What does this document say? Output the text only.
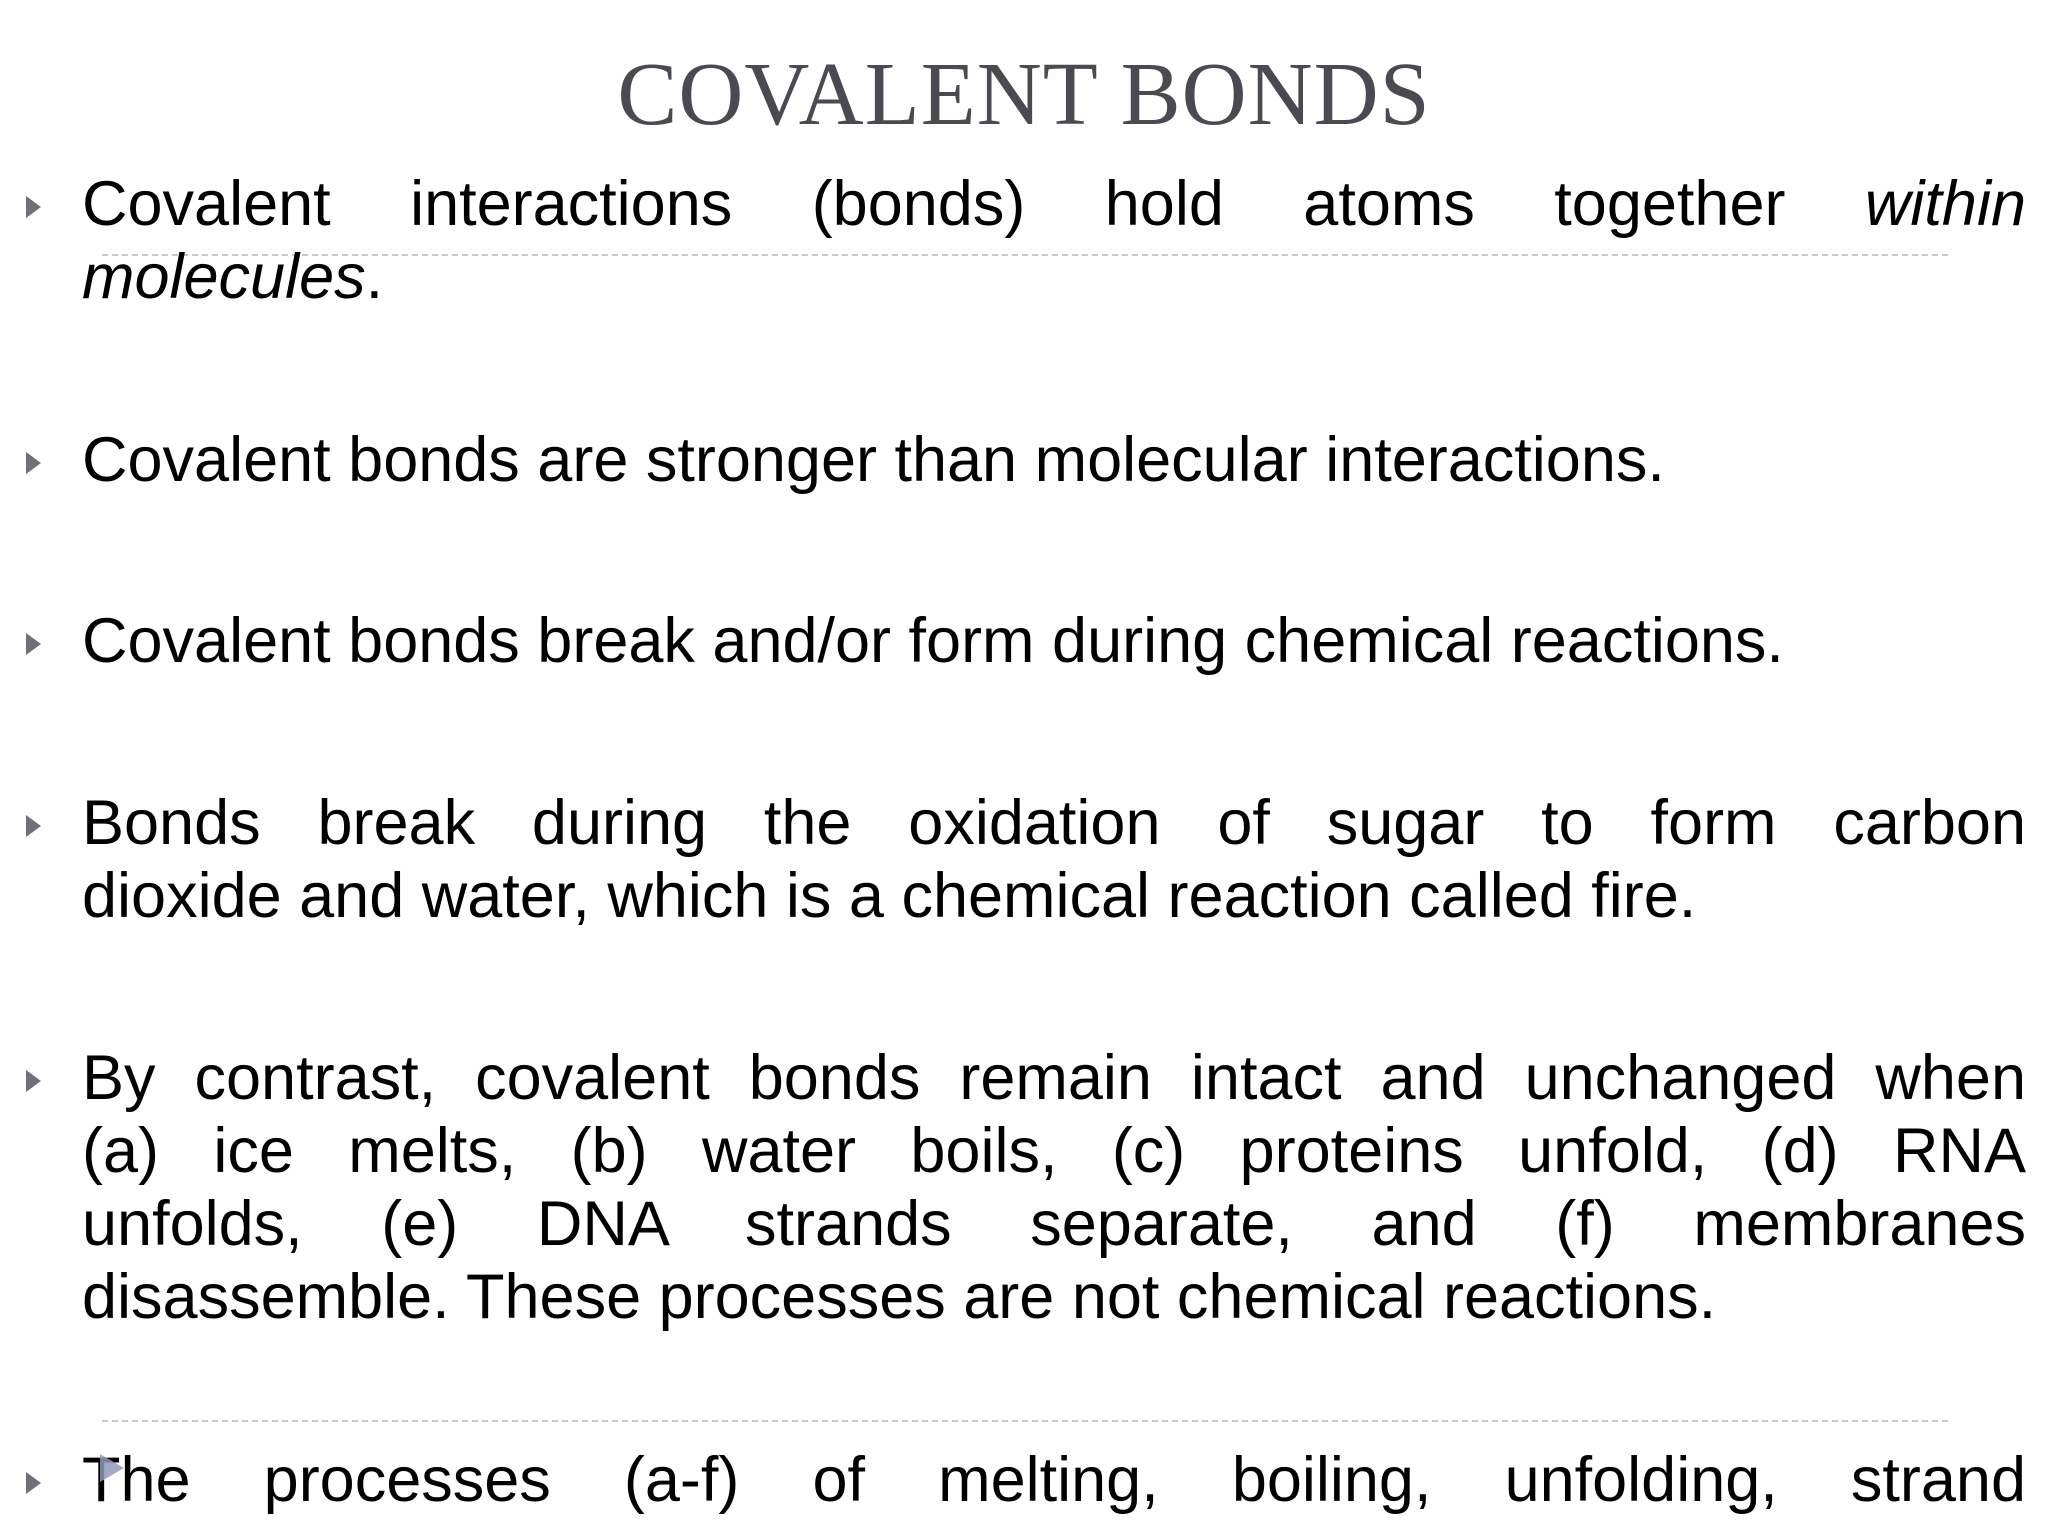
COVALENT BONDS
Covalent interactions (bonds) hold atoms together within
molecules.
Covalent bonds are stronger than molecular interactions.
Covalent bonds break and/or form during chemical reactions.
Bonds break during the oxidation of sugar to form carbon
dioxide and water, which is a chemical reaction called fire.
By contrast, covalent bonds remain intact and unchanged when
(a) ice melts, (b) water boils, (c) proteins unfold, (d) RNA
unfolds, (e) DNA strands separate, and (f) membranes
disassemble. These processes are not chemical reactions.
The processes (a-f) of melting, boiling, unfolding, strand
